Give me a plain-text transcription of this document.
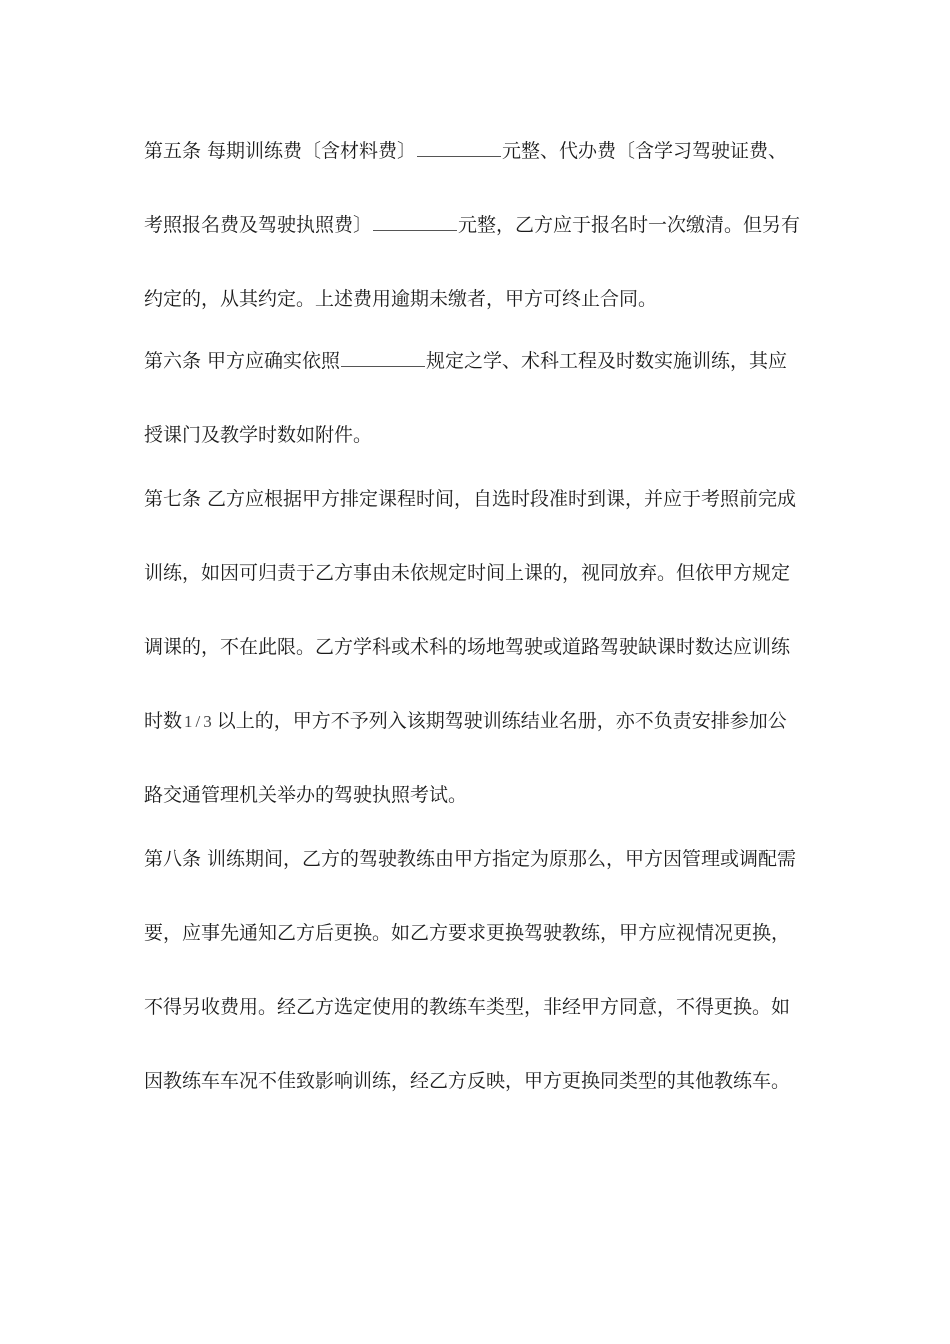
第五条 每期训练费〔含材料费〕	元整、代办费〔含学习驾驶证费、
考照报名费及驾驶执照费〕	元整，乙方应于报名时一次缴清。但另有
约定的，从其约定。上述费用逾期未缴者，甲方可终止合同。
第六条 甲方应确实依照	规定之学、术科工程及时数实施训练，其应
授课门及教学时数如附件。
第七条 乙方应根据甲方排定课程时间，自选时段准时到课，并应于考照前完成
训练，如因可归责于乙方事由未依规定时间上课的，视同放弃。但依甲方规定
调课的，不在此限。乙方学科或术科的场地驾驶或道路驾驶缺课时数达应训练
时数 1/3 以上的，甲方不予列入该期驾驶训练结业名册，亦不负责安排参加公
路交通管理机关举办的驾驶执照考试。
第八条 训练期间，乙方的驾驶教练由甲方指定为原那么，甲方因管理或调配需
要，应事先通知乙方后更换。如乙方要求更换驾驶教练，甲方应视情况更换，
不得另收费用。经乙方选定使用的教练车类型，非经甲方同意，不得更换。如
因教练车车况不佳致影响训练，经乙方反映，甲方更换同类型的其他教练车。
